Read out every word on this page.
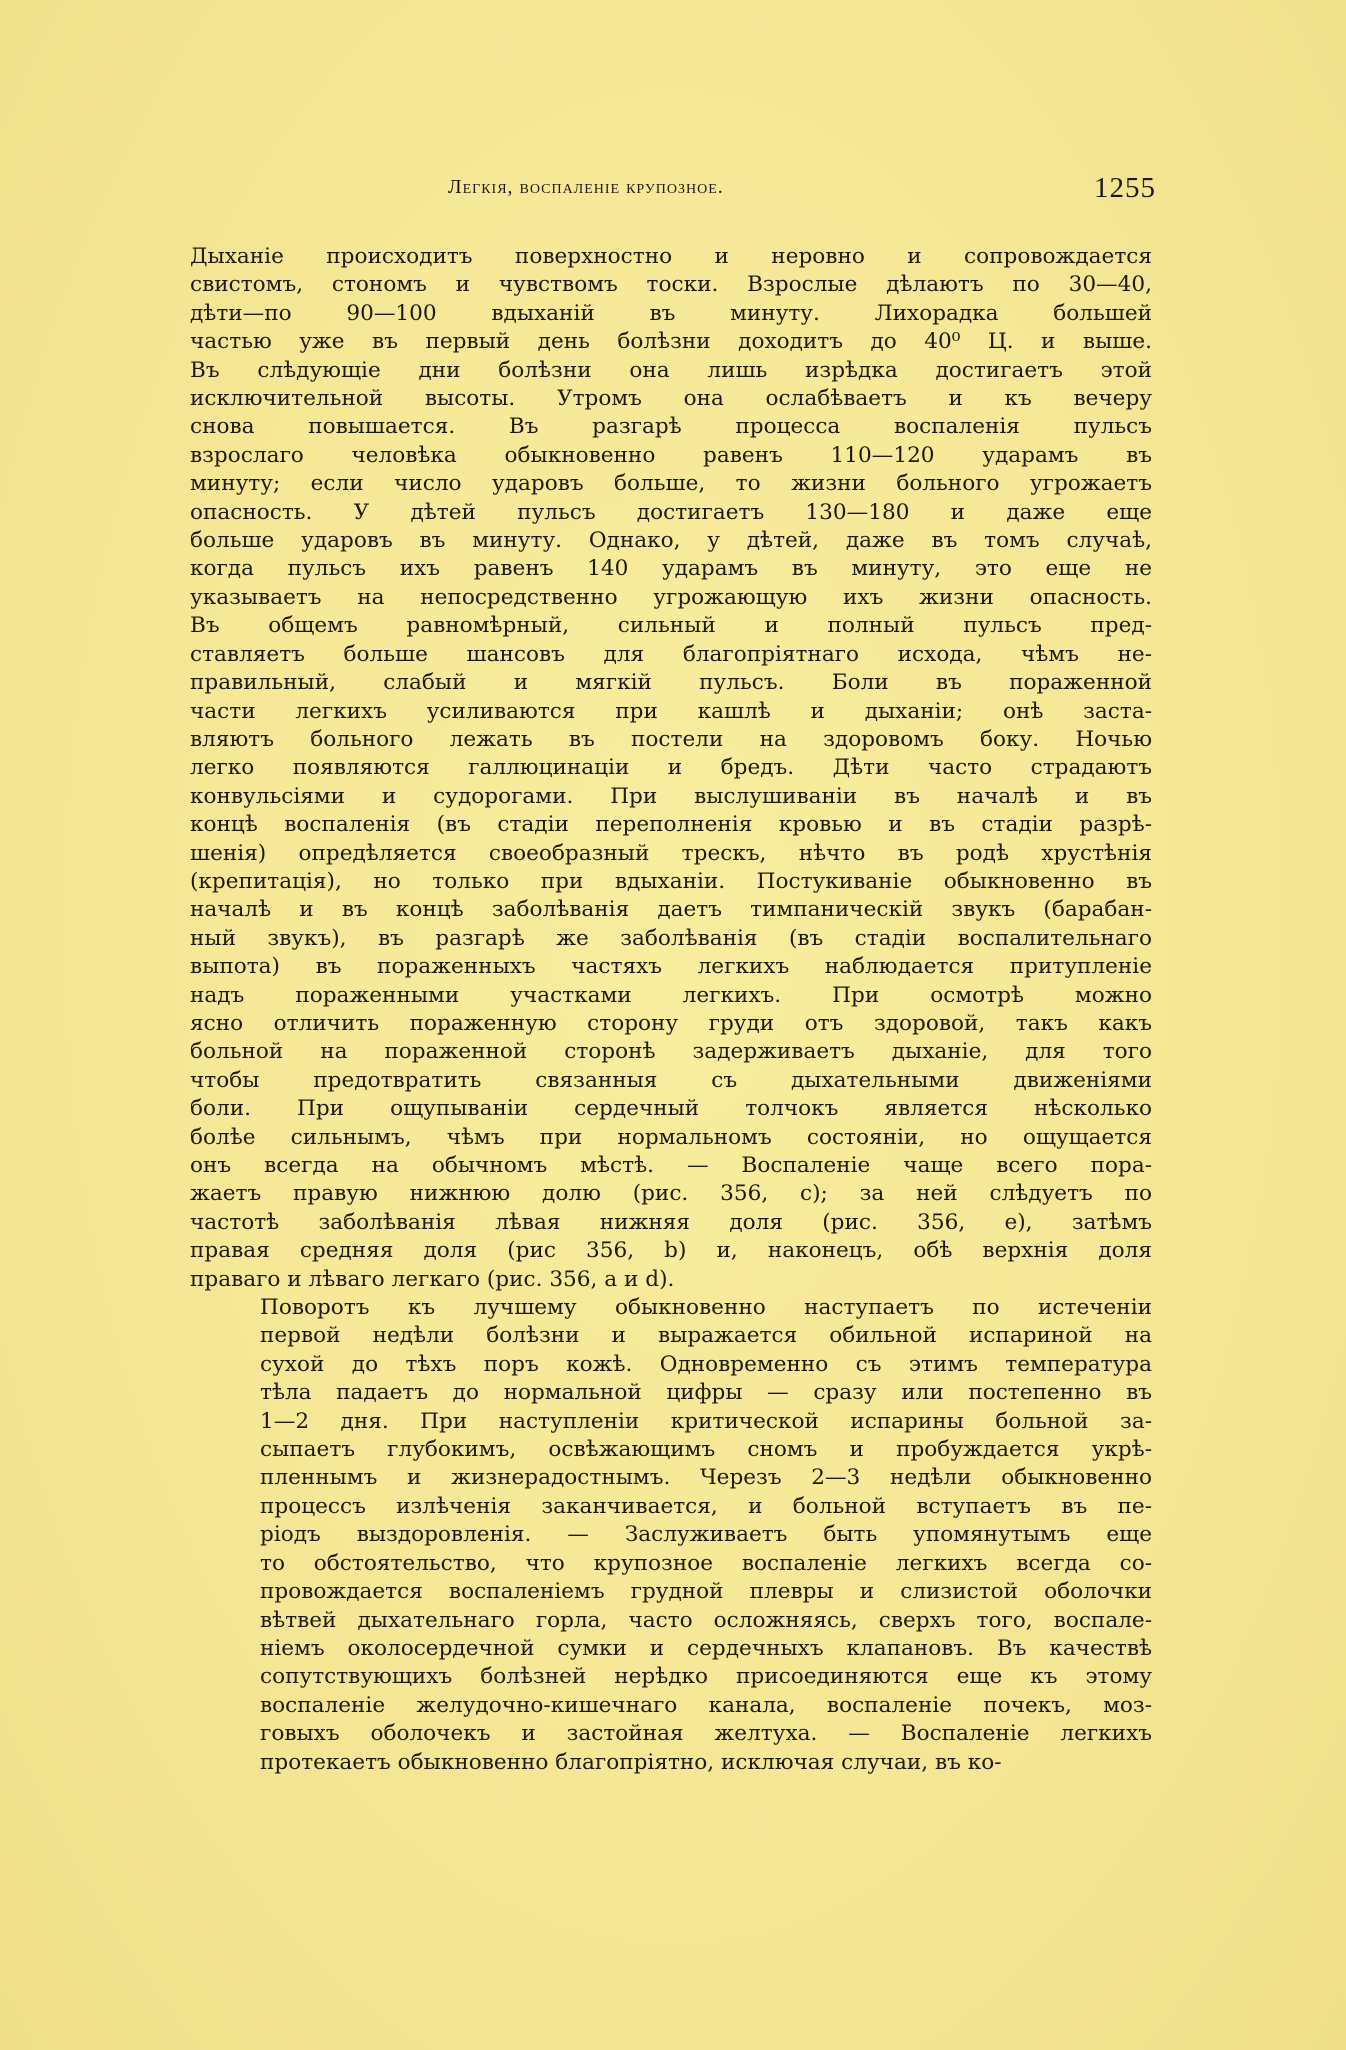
Легкія, воспаленіе крупозное.	1255
Дыханіе происходитъ поверхностно и неровно и сопровождается
свистомъ, стономъ и чувствомъ тоски. Взрослые дѣлаютъ по 30—40,
дѣти—по 90—100 вдыханій въ минуту. Лихорадка большей
частью уже въ первый день болѣзни доходитъ до 40⁰ Ц. и выше.
Въ слѣдующіе дни болѣзни она лишь изрѣдка достигаетъ этой
исключительной высоты. Утромъ она ослабѣваетъ и къ вечеру
снова повышается. Въ разгарѣ процесса воспаленія пульсъ
взрослаго человѣка обыкновенно равенъ 110—120 ударамъ въ
минуту; если число ударовъ больше, то жизни больного угрожаетъ
опасность. У дѣтей пульсъ достигаетъ 130—180 и даже еще
больше ударовъ въ минуту. Однако, у дѣтей, даже въ томъ случаѣ,
когда пульсъ ихъ равенъ 140 ударамъ въ минуту, это еще не
указываетъ на непосредственно угрожающую ихъ жизни опасность.
Въ общемъ равномѣрный, сильный и полный пульсъ пред-
ставляетъ больше шансовъ для благопріятнаго исхода, чѣмъ не-
правильный, слабый и мягкій пульсъ. Боли въ пораженной
части легкихъ усиливаются при кашлѣ и дыханіи; онѣ заста-
вляютъ больного лежать въ постели на здоровомъ боку. Ночью
легко появляются галлюцинаціи и бредъ. Дѣти часто страдаютъ
конвульсіями и судорогами. При выслушиваніи въ началѣ и въ
концѣ воспаленія (въ стадіи переполненія кровью и въ стадіи разрѣ-
шенія) опредѣляется своеобразный трескъ, нѣчто въ родѣ хрустѣнія
(крепитація), но только при вдыханіи. Постукиваніе обыкновенно въ
началѣ и въ концѣ заболѣванія даетъ тимпаническій звукъ (барабан-
ный звукъ), въ разгарѣ же заболѣванія (въ стадіи воспалительнаго
выпота) въ пораженныхъ частяхъ легкихъ наблюдается притупленіе
надъ пораженными участками легкихъ. При осмотрѣ можно
ясно отличить пораженную сторону груди отъ здоровой, такъ какъ
больной на пораженной сторонѣ задерживаетъ дыханіе, для того
чтобы предотвратить связанныя съ дыхательными движеніями
боли. При ощупываніи сердечный толчокъ является нѣсколько
болѣе сильнымъ, чѣмъ при нормальномъ состояніи, но ощущается
онъ всегда на обычномъ мѣстѣ. — Воспаленіе чаще всего пора-
жаетъ правую нижнюю долю (рис. 356, c); за ней слѣдуетъ по
частотѣ заболѣванія лѣвая нижняя доля (рис. 356, e), затѣмъ
правая средняя доля (рис 356, b) и, наконецъ, обѣ верхнія доля
праваго и лѣваго легкаго (рис. 356, a и d).
Поворотъ къ лучшему обыкновенно наступаетъ по истеченіи
первой недѣли болѣзни и выражается обильной испариной на
сухой до тѣхъ поръ кожѣ. Одновременно съ этимъ температура
тѣла падаетъ до нормальной цифры — сразу или постепенно въ
1—2 дня. При наступленіи критической испарины больной за-
сыпаетъ глубокимъ, освѣжающимъ сномъ и пробуждается укрѣ-
пленнымъ и жизнерадостнымъ. Черезъ 2—3 недѣли обыкновенно
процессъ излѣченія заканчивается, и больной вступаетъ въ пе-
ріодъ выздоровленія. — Заслуживаетъ быть упомянутымъ еще
то обстоятельство, что крупозное воспаленіе легкихъ всегда со-
провождается воспаленіемъ грудной плевры и слизистой оболочки
вѣтвей дыхательнаго горла, часто осложняясь, сверхъ того, воспале-
ніемъ околосердечной сумки и сердечныхъ клапановъ. Въ качествѣ
сопутствующихъ болѣзней нерѣдко присоединяются еще къ этому
воспаленіе желудочно-кишечнаго канала, воспаленіе почекъ, моз-
говыхъ оболочекъ и застойная желтуха. — Воспаленіе легкихъ
протекаетъ обыкновенно благопріятно, исключая случаи, въ ко-
